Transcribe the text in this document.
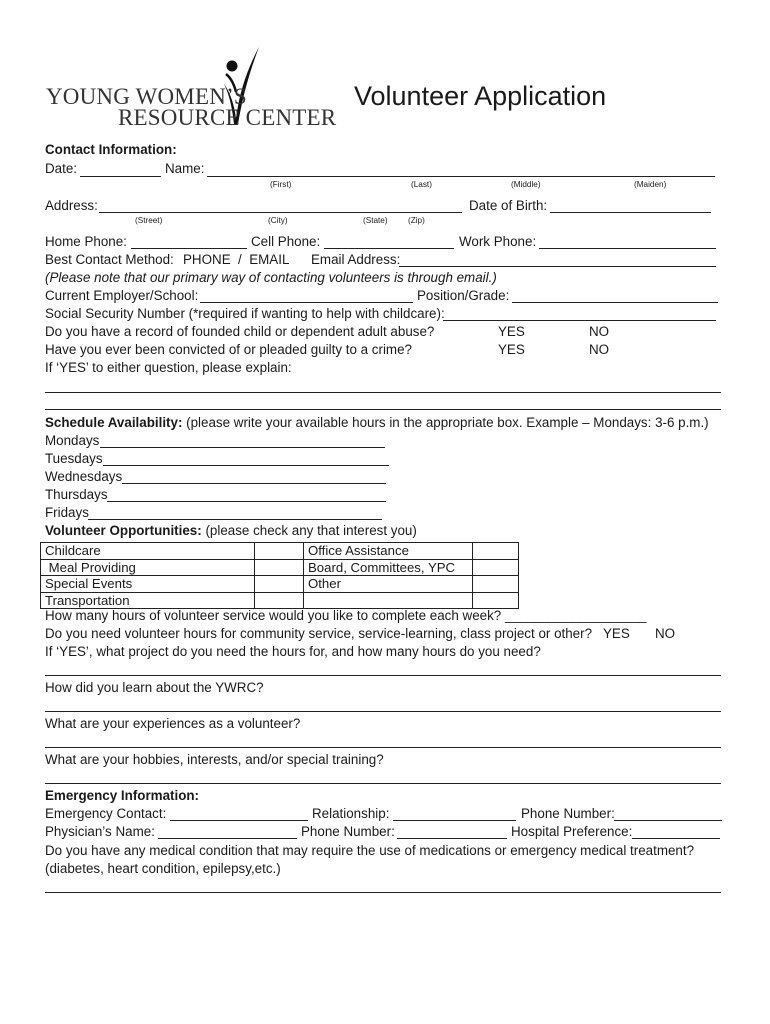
YOUNG WOMEN’S
RESOURCE CENTER
Volunteer Application
Contact Information:
Date:	Name:
(First)	(Last)	(Middle)	(Maiden)
Address:
(Street)	(City)	(State) (Zip)
Date of Birth:
Home Phone:	Cell Phone:	Work Phone:
Best Contact Method: PHONE  /  EMAIL Email Address:
(Please note that our primary way of contacting volunteers is through email.)
Current Employer/School:	Position/Grade:
Social Security Number (*required if wanting to help with childcare):
Do you have a record of founded child or dependent adult abuse?	YES	NO
Have you ever been convicted of or pleaded guilty to a crime?	YES	NO
If ‘YES’ to either question, please explain:
Schedule Availability: (please write your available hours in the appropriate box. Example – Mondays: 3-6 p.m.)
Mondays
Tuesdays
Wednesdays
Thursdays
Fridays
Volunteer Opportunities: (please check any that interest you)
Childcare		Office Assistance	
Meal Providing		Board, Committees, YPC	
Special Events		Other	
Transportation			
How many hours of volunteer service would you like to complete each week? ___________________
Do you need volunteer hours for community service, service-learning, class project or other? YES NO
If ‘YES’, what project do you need the hours for, and how many hours do you need?
How did you learn about the YWRC?
What are your experiences as a volunteer?
What are your hobbies, interests, and/or special training?
Emergency Information:
Emergency Contact:	Relationship:	Phone Number:
Physician’s Name:	Phone Number:	Hospital Preference:
Do you have any medical condition that may require the use of medications or emergency medical treatment?
(diabetes, heart condition, epilepsy,etc.)
